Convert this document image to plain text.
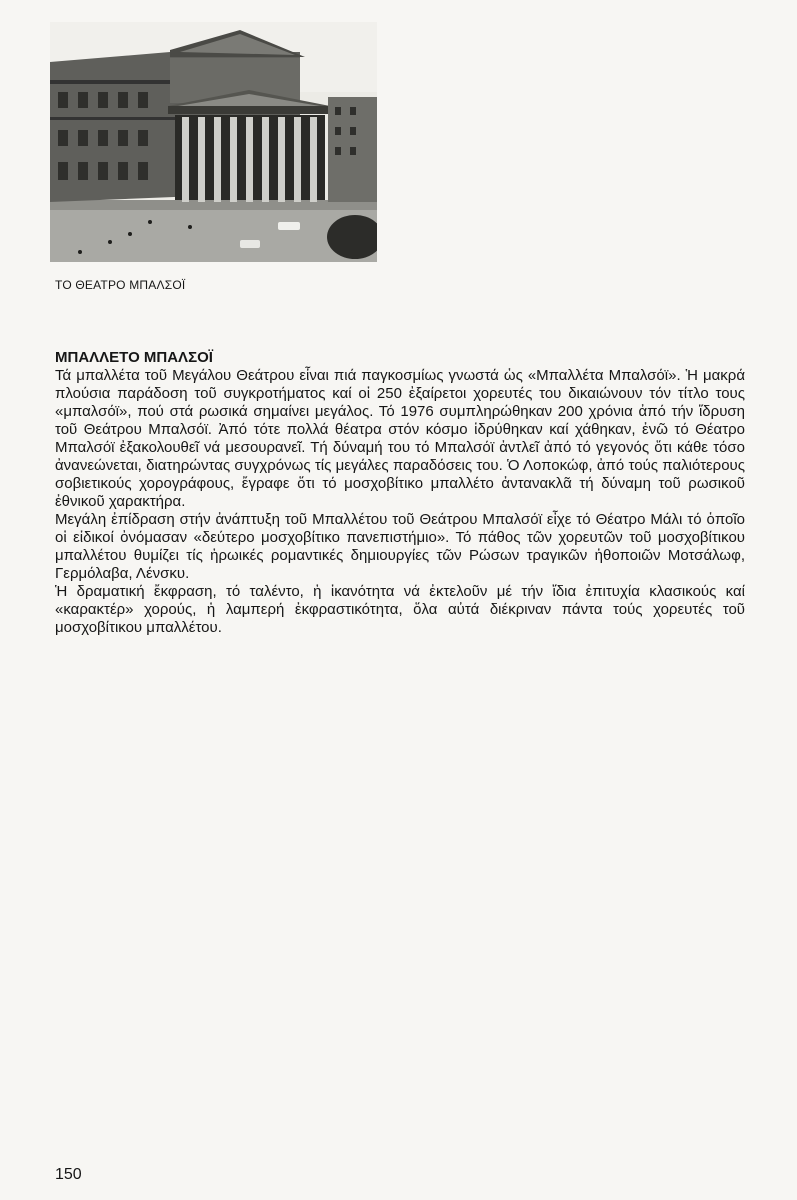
ΤΟ ΘΕΑΤΡΟ ΜΠΑΛΣΟΪ
ΜΠΑΛΛΕΤΟ ΜΠΑΛΣΟΪ

Τά μπαλλέτα τοῦ Μεγάλου Θεάτρου εἶναι πιά παγκοσμίως γνωστά ὡς «Μπαλλέτα Μπαλσόϊ». Ἡ μακρά πλούσια παράδοση τοῦ συγκροτήματος καί οἱ 250 ἐξαίρετοι χορευτές του δικαιώνουν τόν τίτλο τους «μπαλσόϊ», πού στά ρωσικά σημαίνει μεγάλος. Τό 1976 συμπληρώθηκαν 200 χρόνια ἀπό τήν ἵδρυση τοῦ Θεάτρου Μπαλσόϊ. Ἀπό τότε πολλά θέατρα στόν κόσμο ἱδρύθηκαν καί χάθηκαν, ἐνῶ τό Θέατρο Μπαλσόϊ ἐξακολουθεῖ νά μεσουρανεῖ. Τή δύναμή του τό Μπαλσόϊ ἀντλεῖ ἀπό τό γεγονός ὅτι κάθε τόσο ἀνανεώνεται, διατηρώντας συγχρόνως τίς μεγάλες παραδόσεις του. Ὁ Λοποκώφ, ἀπό τούς παλιότερους σοβιετικούς χορογράφους, ἔγραφε ὅτι τό μοσχοβίτικο μπαλλέτο ἀντανακλᾶ τή δύναμη τοῦ ρωσικοῦ ἐθνικοῦ χαρακτήρα.

Μεγάλη ἐπίδραση στήν ἀνάπτυξη τοῦ Μπαλλέτου τοῦ Θεάτρου Μπαλσόϊ εἶχε τό Θέατρο Μάλι τό ὁποῖο οἱ εἰδικοί ὀνόμασαν «δεύτερο μοσχοβίτικο πανεπιστήμιο». Τό πάθος τῶν χορευτῶν τοῦ μοσχοβίτικου μπαλλέτου θυμίζει τίς ἡρωικές ρομαντικές δημιουργίες τῶν Ρώσων τραγικῶν ἡθοποιῶν Μοτσάλωφ, Γερμόλαβα, Λένσκυ.

Ἡ δραματική ἔκφραση, τό ταλέντο, ἡ ἱκανότητα νά ἐκτελοῦν μέ τήν ἴδια ἐπιτυχία κλασικούς καί «καρακτέρ» χορούς, ἡ λαμπερή ἐκφραστικότητα, ὅλα αὐτά διέκριναν πάντα τούς χορευτές τοῦ μοσχοβίτικου μπαλλέτου.

150
